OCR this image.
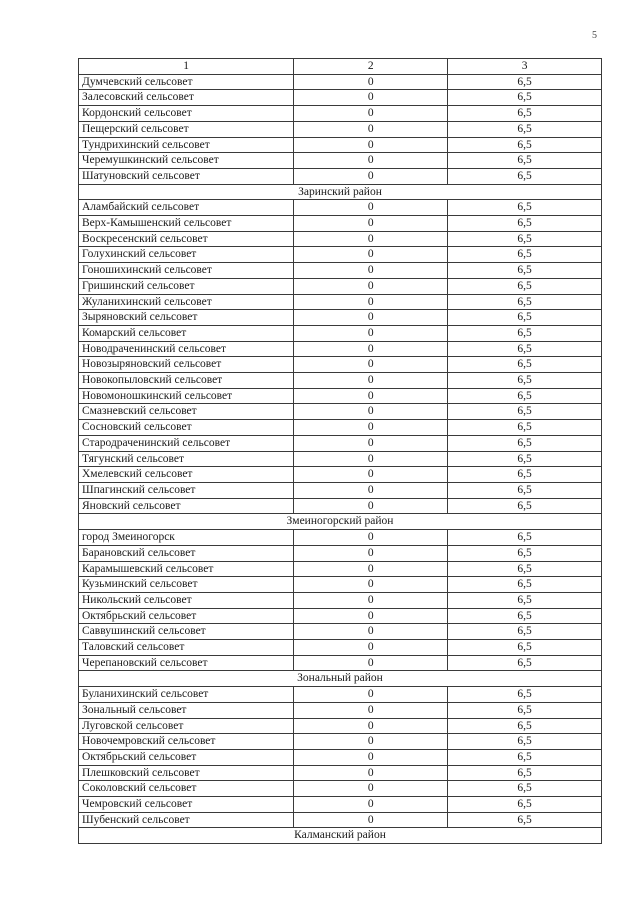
5
1	2	3
Думчевский сельсовет	0	6,5
Залесовский сельсовет	0	6,5
Кордонский сельсовет	0	6,5
Пещерский сельсовет	0	6,5
Тундрихинский сельсовет	0	6,5
Черемушкинский сельсовет	0	6,5
Шатуновский сельсовет	0	6,5
Заринский район		
Аламбайский сельсовет	0	6,5
Верх-Камышенский сельсовет	0	6,5
Воскресенский сельсовет	0	6,5
Голухинский сельсовет	0	6,5
Гоношихинский сельсовет	0	6,5
Гришинский сельсовет	0	6,5
Жуланихинский сельсовет	0	6,5
Зыряновский сельсовет	0	6,5
Комарский сельсовет	0	6,5
Новодраченинский сельсовет	0	6,5
Новозыряновский сельсовет	0	6,5
Новокопыловский сельсовет	0	6,5
Новомоношкинский сельсовет	0	6,5
Смазневский сельсовет	0	6,5
Сосновский сельсовет	0	6,5
Стародраченинский сельсовет	0	6,5
Тягунский сельсовет	0	6,5
Хмелевский сельсовет	0	6,5
Шпагинский сельсовет	0	6,5
Яновский сельсовет	0	6,5
Змеиногорский район		
город Змеиногорск	0	6,5
Барановский сельсовет	0	6,5
Карамышевский сельсовет	0	6,5
Кузьминский сельсовет	0	6,5
Никольский сельсовет	0	6,5
Октябрьский сельсовет	0	6,5
Саввушинский сельсовет	0	6,5
Таловский сельсовет	0	6,5
Черепановский сельсовет	0	6,5
Зональный район		
Буланихинский сельсовет	0	6,5
Зональный сельсовет	0	6,5
Луговской сельсовет	0	6,5
Новочемровский сельсовет	0	6,5
Октябрьский сельсовет	0	6,5
Плешковский сельсовет	0	6,5
Соколовский сельсовет	0	6,5
Чемровский сельсовет	0	6,5
Шубенский сельсовет	0	6,5
Калманский район		
